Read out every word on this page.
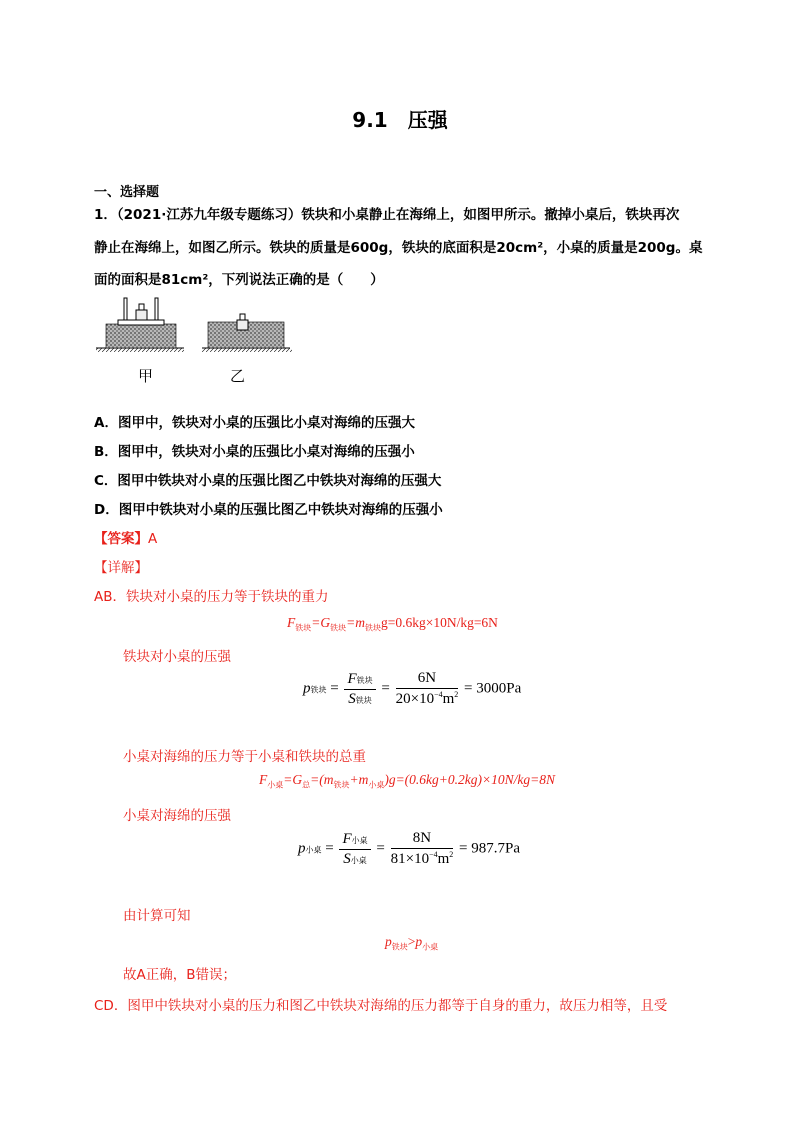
9.1　压强
一、选择题
1．（2021·江苏九年级专题练习）铁块和小桌静止在海绵上，如图甲所示。撤掉小桌后，铁块再次
静止在海绵上，如图乙所示。铁块的质量是600g，铁块的底面积是20cm²，小桌的质量是200g。桌
面的面积是81cm²，下列说法正确的是（　　）
甲	乙
A．图甲中，铁块对小桌的压强比小桌对海绵的压强大
B．图甲中，铁块对小桌的压强比小桌对海绵的压强小
C．图甲中铁块对小桌的压强比图乙中铁块对海绵的压强大
D．图甲中铁块对小桌的压强比图乙中铁块对海绵的压强小
【答案】A
【详解】
AB．铁块对小桌的压力等于铁块的重力
$F_{铁块}=G_{铁块}=m_{铁块}g=0.6kg\times 10N/kg=6N$
铁块对小桌的压强
p铁块 = $\frac{\text{F铁块}}{\text{S铁块}} = \frac{6N}{20\times 10^{-4}m^2} = 3000Pa$
小桌对海绵的压力等于小桌和铁块的总重
$F_{小桌}=G_总=(m_{铁块}+m_{小桌})g=(0.6kg+0.2kg)\times 10N/kg=8N$
小桌对海绵的压强
p小桌 = $\frac{\text{F小桌}}{\text{S小桌}} = \frac{8N}{81\times 10^{-4}m^2} = 987.7Pa$
由计算可知
$p_{铁块}>p_{小桌}$
故A正确，B错误；
CD．图甲中铁块对小桌的压力和图乙中铁块对海绵的压力都等于自身的重力，故压力相等，且受
